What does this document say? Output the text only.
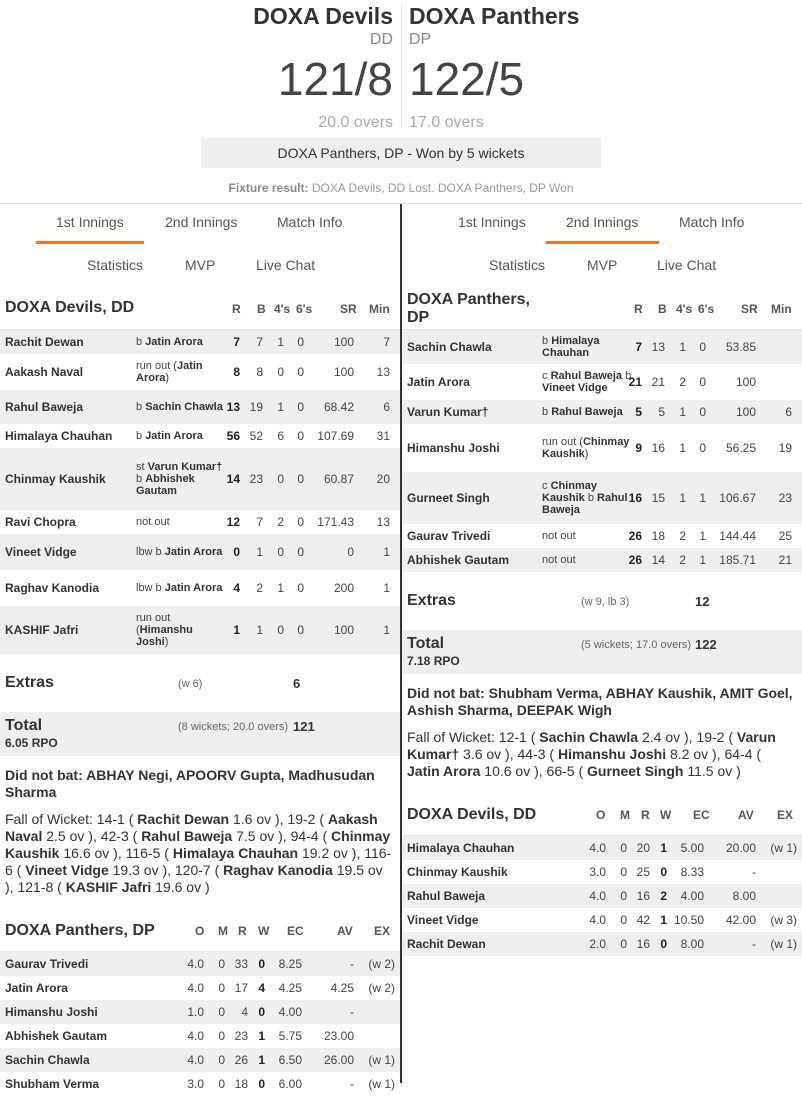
DOXA Devils
DD
121/8
20.0 overs
DOXA Panthers
DP
122/5
17.0 overs
DOXA Panthers, DP - Won by 5 wickets
Fixture result: DOXA Devils, DD Lost. DOXA Panthers, DP Won
1st Innings	2nd Innings	Match Info
Statistics	MVP	Live Chat
DOXA Devils, DD	R B 4's 6's SR Min
Rachit Dewan	7 7 1 0 100 7
b Jatin Arora
Aakash Naval	8 8 0 0 100 13
run out (Jatin Arora)
Rahul Baweja	13 19 1 0 68.42 6
b Sachin Chawla
Himalaya Chauhan	56 52 6 0 107.69 31
b Jatin Arora
Chinmay Kaushik	14 23 0 0 60.87 20
st Varun Kumar† b Abhishek Gautam
Ravi Chopra	12 7 2 0 171.43 13
not out
Vineet Vidge	0 1 0 0	0 1
lbw b Jatin Arora
Raghav Kanodia	4 2 1 0 200 1
lbw b Jatin Arora
KASHIF Jafri	1 1 0 0 100 1
run out (Himanshu Joshi)
Extras	(w 6)	6
Total
6.05 RPO
(8 wickets; 20.0 overs) 121
Did not bat: ABHAY Negi, APOORV Gupta, Madhusudan Sharma
Fall of Wicket: 14-1 ( Rachit Dewan 1.6 ov ), 19-2 ( Aakash Naval 2.5 ov ), 42-3 ( Rahul Baweja 7.5 ov ), 94-4 ( Chinmay Kaushik 16.6 ov ), 116-5 ( Himalaya Chauhan 19.2 ov ), 116-6 ( Vineet Vidge 19.3 ov ), 120-7 ( Raghav Kanodia 19.5 ov ), 121-8 ( KASHIF Jafri 19.6 ov )
DOXA Panthers, DP	O M R W EC	AV EX
Gaurav Trivedi	4.0 0 33 0 8.25	- (w 2)
Jatin Arora	4.0 0 17 4 4.25 4.25 (w 2)
Himanshu Joshi	1.0 0 4 0 4.00	-
Abhishek Gautam	4.0 0 23 1 5.75 23.00
Sachin Chawla	4.0 0 26 1 6.50 26.00 (w 1)
Shubham Verma	3.0 0 18 0 6.00	- (w 1)
1st Innings	2nd Innings	Match Info
Statistics	MVP	Live Chat
DOXA Panthers, DP	R B 4's 6's SR Min
Sachin Chawla	7 13 1 0 53.85
b Himalaya Chauhan
Jatin Arora	21 21 2 0 100
c Rahul Baweja b Vineet Vidge
Varun Kumar†	5 5 1 0 100 6
b Rahul Baweja
Himanshu Joshi	9 16 1 0 56.25 19
run out (Chinmay Kaushik)
Gurneet Singh	16 15 1 1 106.67 23
c Chinmay Kaushik b Rahul Baweja
Gaurav Trivedi	26 18 2 1 144.44 25
not out
Abhishek Gautam	26 14 2 1 185.71 21
not out
Extras	(w 9, lb 3)	12
Total
7.18 RPO
(5 wickets; 17.0 overs) 122
Did not bat: Shubham Verma, ABHAY Kaushik, AMIT Goel, Ashish Sharma, DEEPAK Wigh
Fall of Wicket: 12-1 ( Sachin Chawla 2.4 ov ), 19-2 ( Varun Kumar† 3.6 ov ), 44-3 ( Himanshu Joshi 8.2 ov ), 64-4 ( Jatin Arora 10.6 ov ), 66-5 ( Gurneet Singh 11.5 ov )
DOXA Devils, DD	O M R W EC AV EX
Himalaya Chauhan	4.0 0 20 1 5.00 20.00 (w 1)
Chinmay Kaushik	3.0 0 25 0 8.33	-
Rahul Baweja	4.0 0 16 2 4.00 8.00
Vineet Vidge	4.0 0 42 1 10.50 42.00 (w 3)
Rachit Dewan	2.0 0 16 0 8.00	- (w 1)
